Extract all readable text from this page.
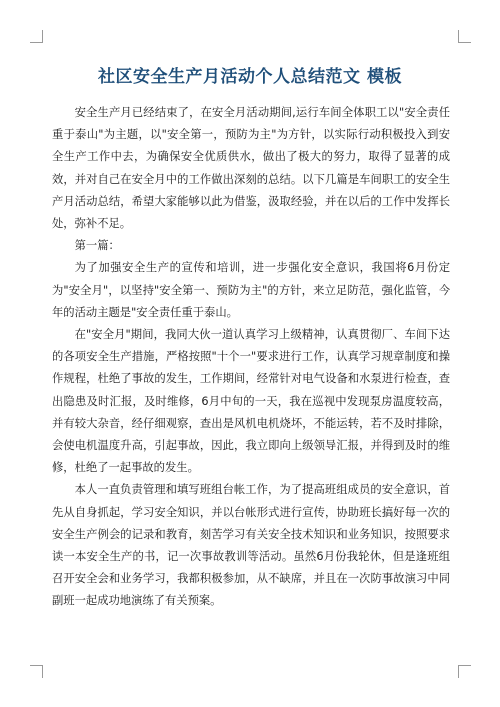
社区安全生产月活动个人总结范文 模板

安全生产月已经结束了，在安全月活动期间,运行车间全体职工以"安全责任重于泰山"为主题，以"安全第一，预防为主"为方针，以实际行动积极投入到安全生产工作中去，为确保安全优质供水，做出了极大的努力，取得了显著的成效，并对自己在安全月中的工作做出深刻的总结。以下几篇是车间职工的安全生产月活动总结，希望大家能够以此为借鉴，汲取经验，并在以后的工作中发挥长处，弥补不足。

第一篇：

为了加强安全生产的宣传和培训，进一步强化安全意识，我国将6月份定为"安全月"，以坚持"安全第一、预防为主"的方针，来立足防范，强化监管，今年的活动主题是"安全责任重于泰山。

在"安全月"期间，我同大伙一道认真学习上级精神，认真贯彻厂、车间下达的各项安全生产措施，严格按照"十个一"要求进行工作，认真学习规章制度和操作规程，杜绝了事故的发生，工作期间，经常针对电气设备和水泵进行检查，查出隐患及时汇报，及时维修，6月中旬的一天，我在巡视中发现泵房温度较高，并有较大杂音，经仔细观察，查出是风机电机烧坏，不能运转，若不及时排除，会使电机温度升高，引起事故，因此，我立即向上级领导汇报，并得到及时的维修，杜绝了一起事故的发生。

本人一直负责管理和填写班组台帐工作，为了提高班组成员的安全意识，首先从自身抓起，学习安全知识，并以台帐形式进行宣传，协助班长搞好每一次的安全生产例会的记录和教育，刻苦学习有关安全技术知识和业务知识，按照要求读一本安全生产的书，记一次事故教训等活动。虽然6月份我轮休，但是逢班组召开安全会和业务学习，我都积极参加，从不缺席，并且在一次防事故演习中同副班一起成功地演练了有关预案。
